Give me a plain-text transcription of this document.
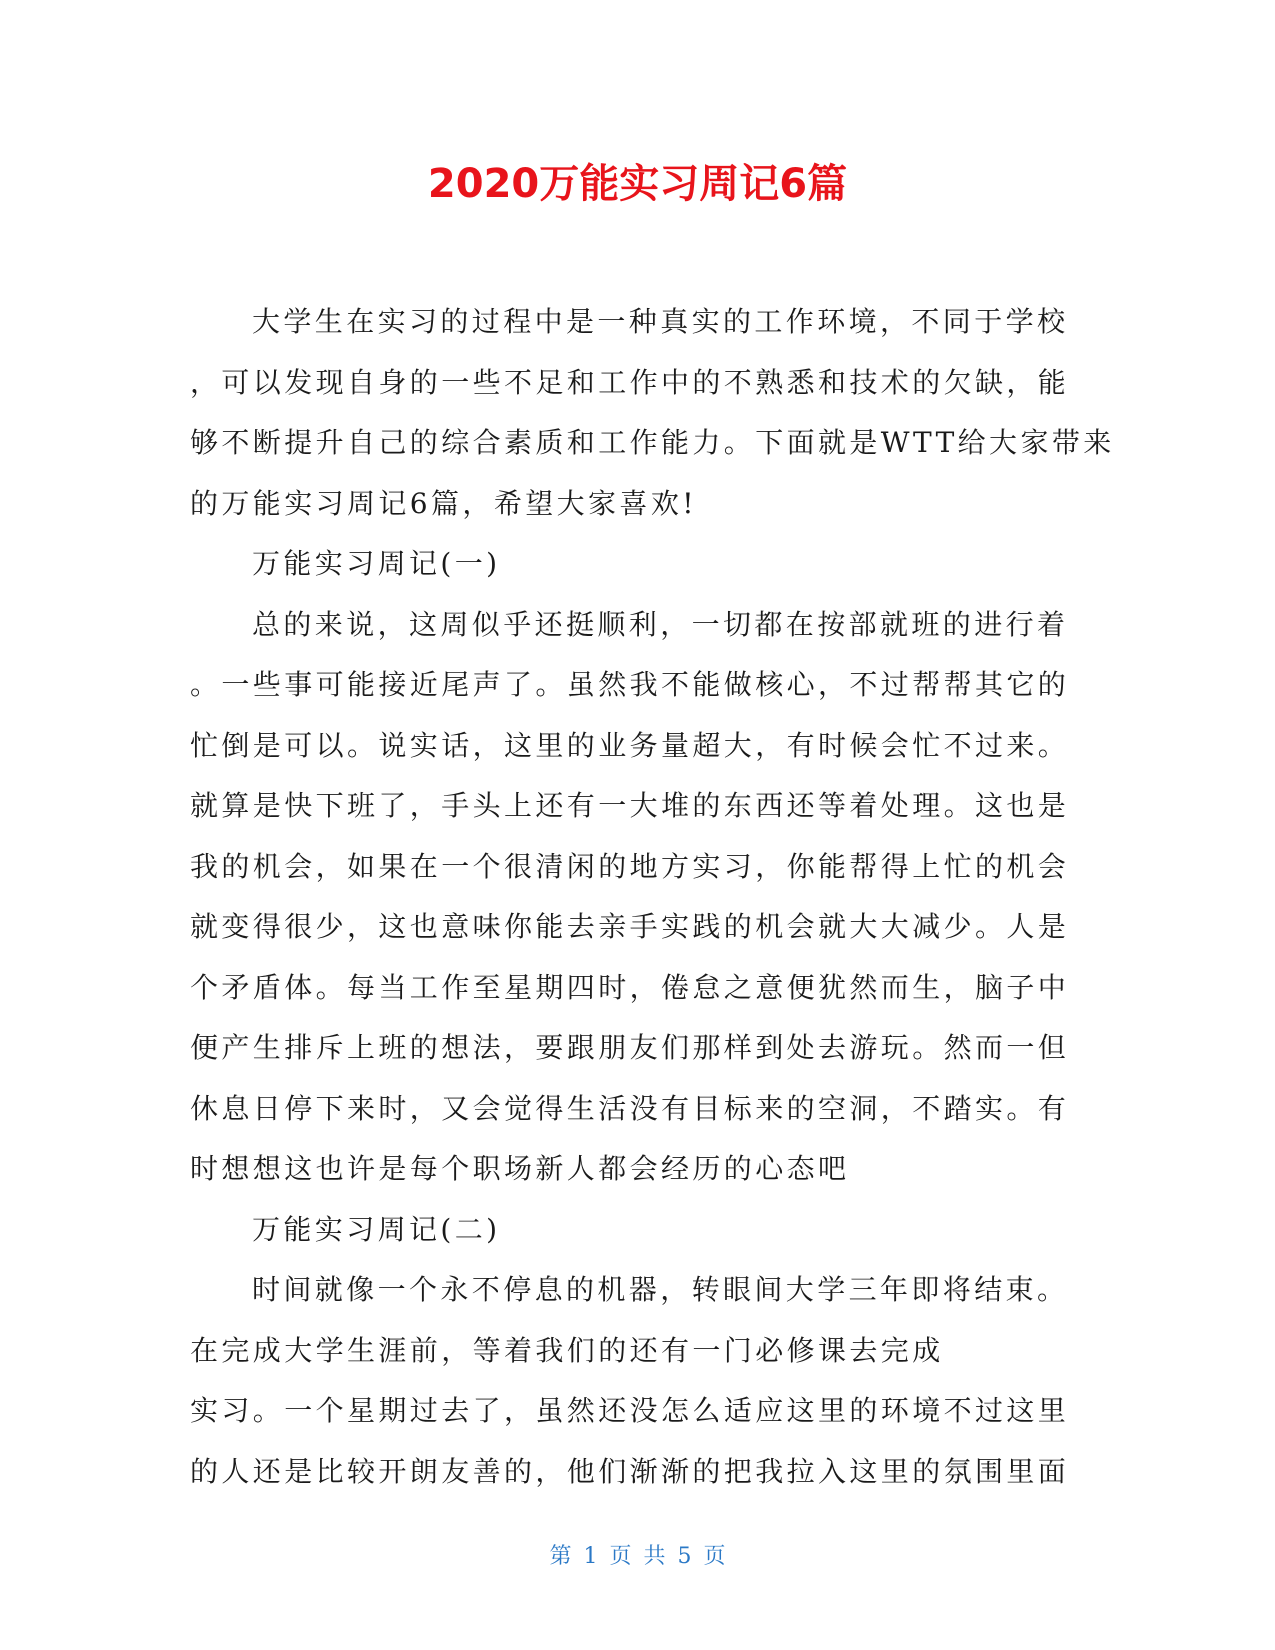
2020万能实习周记6篇
大学生在实习的过程中是一种真实的工作环境，不同于学校
，可以发现自身的一些不足和工作中的不熟悉和技术的欠缺，能
够不断提升自己的综合素质和工作能力。下面就是WTT给大家带来
的万能实习周记6篇，希望大家喜欢!
万能实习周记(一)
总的来说，这周似乎还挺顺利，一切都在按部就班的进行着
。一些事可能接近尾声了。虽然我不能做核心，不过帮帮其它的
忙倒是可以。说实话，这里的业务量超大，有时候会忙不过来。
就算是快下班了，手头上还有一大堆的东西还等着处理。这也是
我的机会，如果在一个很清闲的地方实习，你能帮得上忙的机会
就变得很少，这也意味你能去亲手实践的机会就大大减少。人是
个矛盾体。每当工作至星期四时，倦怠之意便犹然而生，脑子中
便产生排斥上班的想法，要跟朋友们那样到处去游玩。然而一但
休息日停下来时，又会觉得生活没有目标来的空洞，不踏实。有
时想想这也许是每个职场新人都会经历的心态吧
万能实习周记(二)
时间就像一个永不停息的机器，转眼间大学三年即将结束。
在完成大学生涯前，等着我们的还有一门必修课去完成
实习。一个星期过去了，虽然还没怎么适应这里的环境不过这里
的人还是比较开朗友善的，他们渐渐的把我拉入这里的氛围里面
第 1 页 共 5 页
